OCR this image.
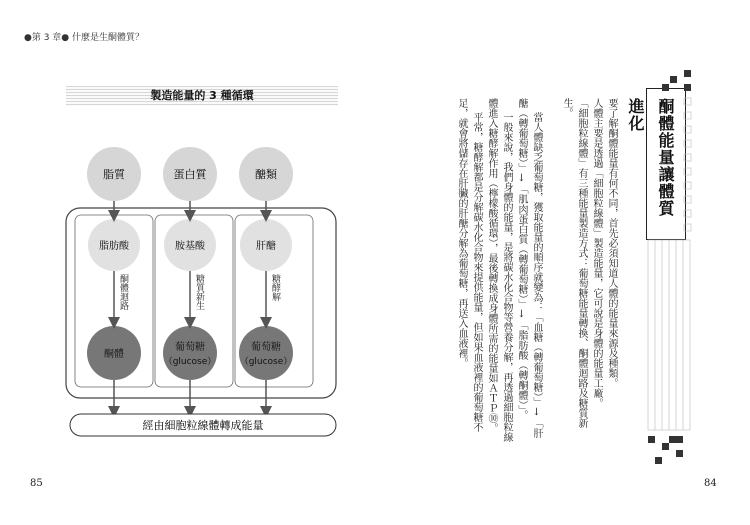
●第 3 章● 什麼是生酮體質？
製造能量的 3 種循環
脂質	蛋白質	醣類
脂肪酸	胺基酸	肝醣
酮體
葡萄糖
（glucose）
葡萄糖
（glucose）
經由細胞粒線體轉成能量
酮體迴路	糖質新生	糖酵解
85
酮體能量讓體質進化
要了解酮體能量有何不同，首先必須知道人體的能量來源及種類。
人體主要是透過「細胞粒線體」製造能量，它可說是身體的能量工廠。
「細胞粒線體」有三種能量製造方式：葡萄糖能量轉換、酮體迴路及糖質新
生。
當人體缺乏葡萄糖，獲取能量的順序就變為：「血糖（轉葡萄糖）」↓「肝
醣（轉葡萄糖）」↓「肌肉蛋白質（轉葡萄糖）」↓「脂肪酸（轉酮體）」。
一般來說，我們身體的能量，是將碳水化合物等營養分解，再透過細胞粒線
體進入糖酵解作用（檸檬酸循環），最後轉換成身體所需的能量如ＡＴＰ⑩。
平常，糖酵解都是分解碳水化合物來提供能量，但如果血液裡的葡萄糖不
足，就會將儲存在肝臟的肝醣分解為葡萄糖，再送入血液裡。
84
